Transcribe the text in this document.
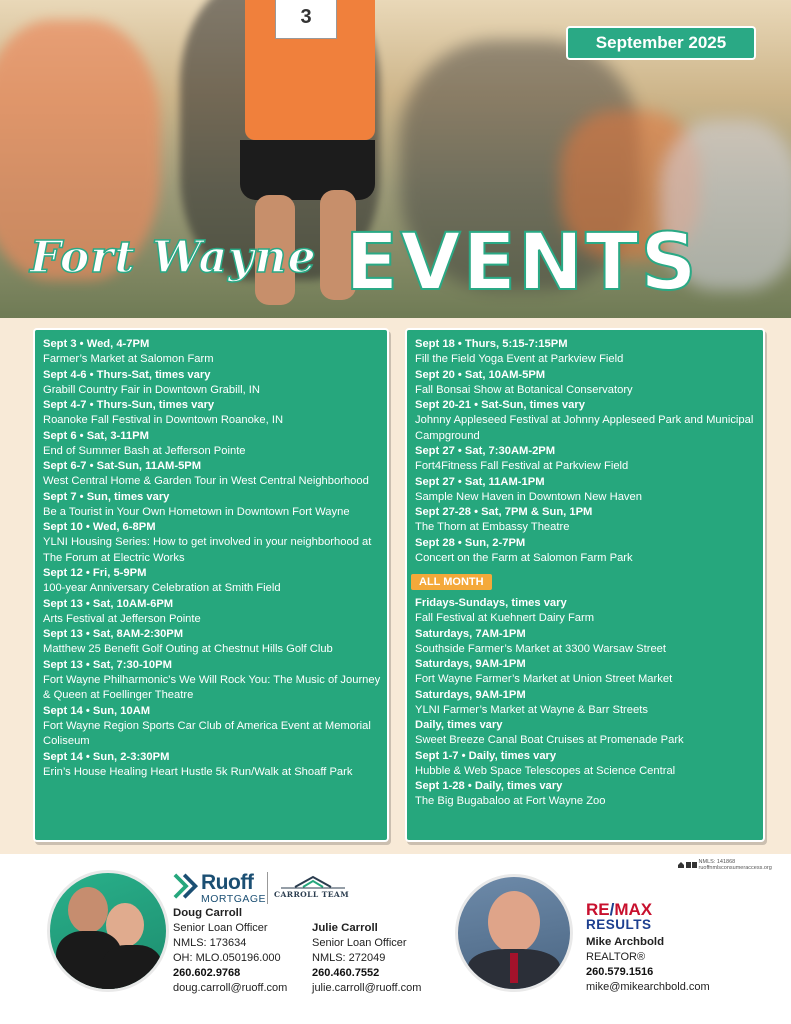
3
September 2025
Fort Wayne EVENTS
Sept 3 • Wed, 4-7PM
Farmer’s Market at Salomon Farm
Sept 4-6 • Thurs-Sat, times vary
Grabill Country Fair in Downtown Grabill, IN
Sept 4-7 • Thurs-Sun, times vary
Roanoke Fall Festival in Downtown Roanoke, IN
Sept 6 • Sat, 3-11PM
End of Summer Bash at Jefferson Pointe
Sept 6-7 • Sat-Sun, 11AM-5PM
West Central Home & Garden Tour in West Central Neighborhood
Sept 7 • Sun, times vary
Be a Tourist in Your Own Hometown in Downtown Fort Wayne
Sept 10 • Wed, 6-8PM
YLNI Housing Series: How to get involved in your neighborhood at The Forum at Electric Works
Sept 12 • Fri, 5-9PM
100-year Anniversary Celebration at Smith Field
Sept 13 • Sat, 10AM-6PM
Arts Festival at Jefferson Pointe
Sept 13 • Sat, 8AM-2:30PM
Matthew 25 Benefit Golf Outing at Chestnut Hills Golf Club
Sept 13 • Sat, 7:30-10PM
Fort Wayne Philharmonic’s We Will Rock You: The Music of Journey & Queen at Foellinger Theatre
Sept 14 • Sun, 10AM
Fort Wayne Region Sports Car Club of America Event at Memorial Coliseum
Sept 14 • Sun, 2-3:30PM
Erin’s House Healing Heart Hustle 5k Run/Walk at Shoaff Park
Sept 18 • Thurs, 5:15-7:15PM
Fill the Field Yoga Event at Parkview Field
Sept 20 • Sat, 10AM-5PM
Fall Bonsai Show at Botanical Conservatory
Sept 20-21 • Sat-Sun, times vary
Johnny Appleseed Festival at Johnny Appleseed Park and Municipal Campground
Sept 27 • Sat, 7:30AM-2PM
Fort4Fitness Fall Festival at Parkview Field
Sept 27 • Sat, 11AM-1PM
Sample New Haven in Downtown New Haven
Sept 27-28 • Sat, 7PM & Sun, 1PM
The Thorn at Embassy Theatre
Sept 28 • Sun, 2-7PM
Concert on the Farm at Salomon Farm Park
ALL MONTH
Fridays-Sundays, times vary
Fall Festival at Kuehnert Dairy Farm
Saturdays, 7AM-1PM
Southside Farmer’s Market at 3300 Warsaw Street
Saturdays, 9AM-1PM
Fort Wayne Farmer’s Market at Union Street Market
Saturdays, 9AM-1PM
YLNI Farmer’s Market at Wayne & Barr Streets
Daily, times vary
Sweet Breeze Canal Boat Cruises at Promenade Park
Sept 1-7 • Daily, times vary
Hubble & Web Space Telescopes at Science Central
Sept 1-28 • Daily, times vary
The Big Bugabaloo at Fort Wayne Zoo
NMLS: 141868 ruoffnmlsconsumeraccess.org
Ruoff
MORTGAGE CARROLL TEAM
Doug Carroll
Senior Loan Officer
NMLS: 173634
OH: MLO.050196.000
260.602.9768
doug.carroll@ruoff.com
Julie Carroll
Senior Loan Officer
NMLS: 272049
260.460.7552
julie.carroll@ruoff.com
RE/MAX
RESULTS
Mike Archbold
REALTOR®
260.579.1516
mike@mikearchbold.com
